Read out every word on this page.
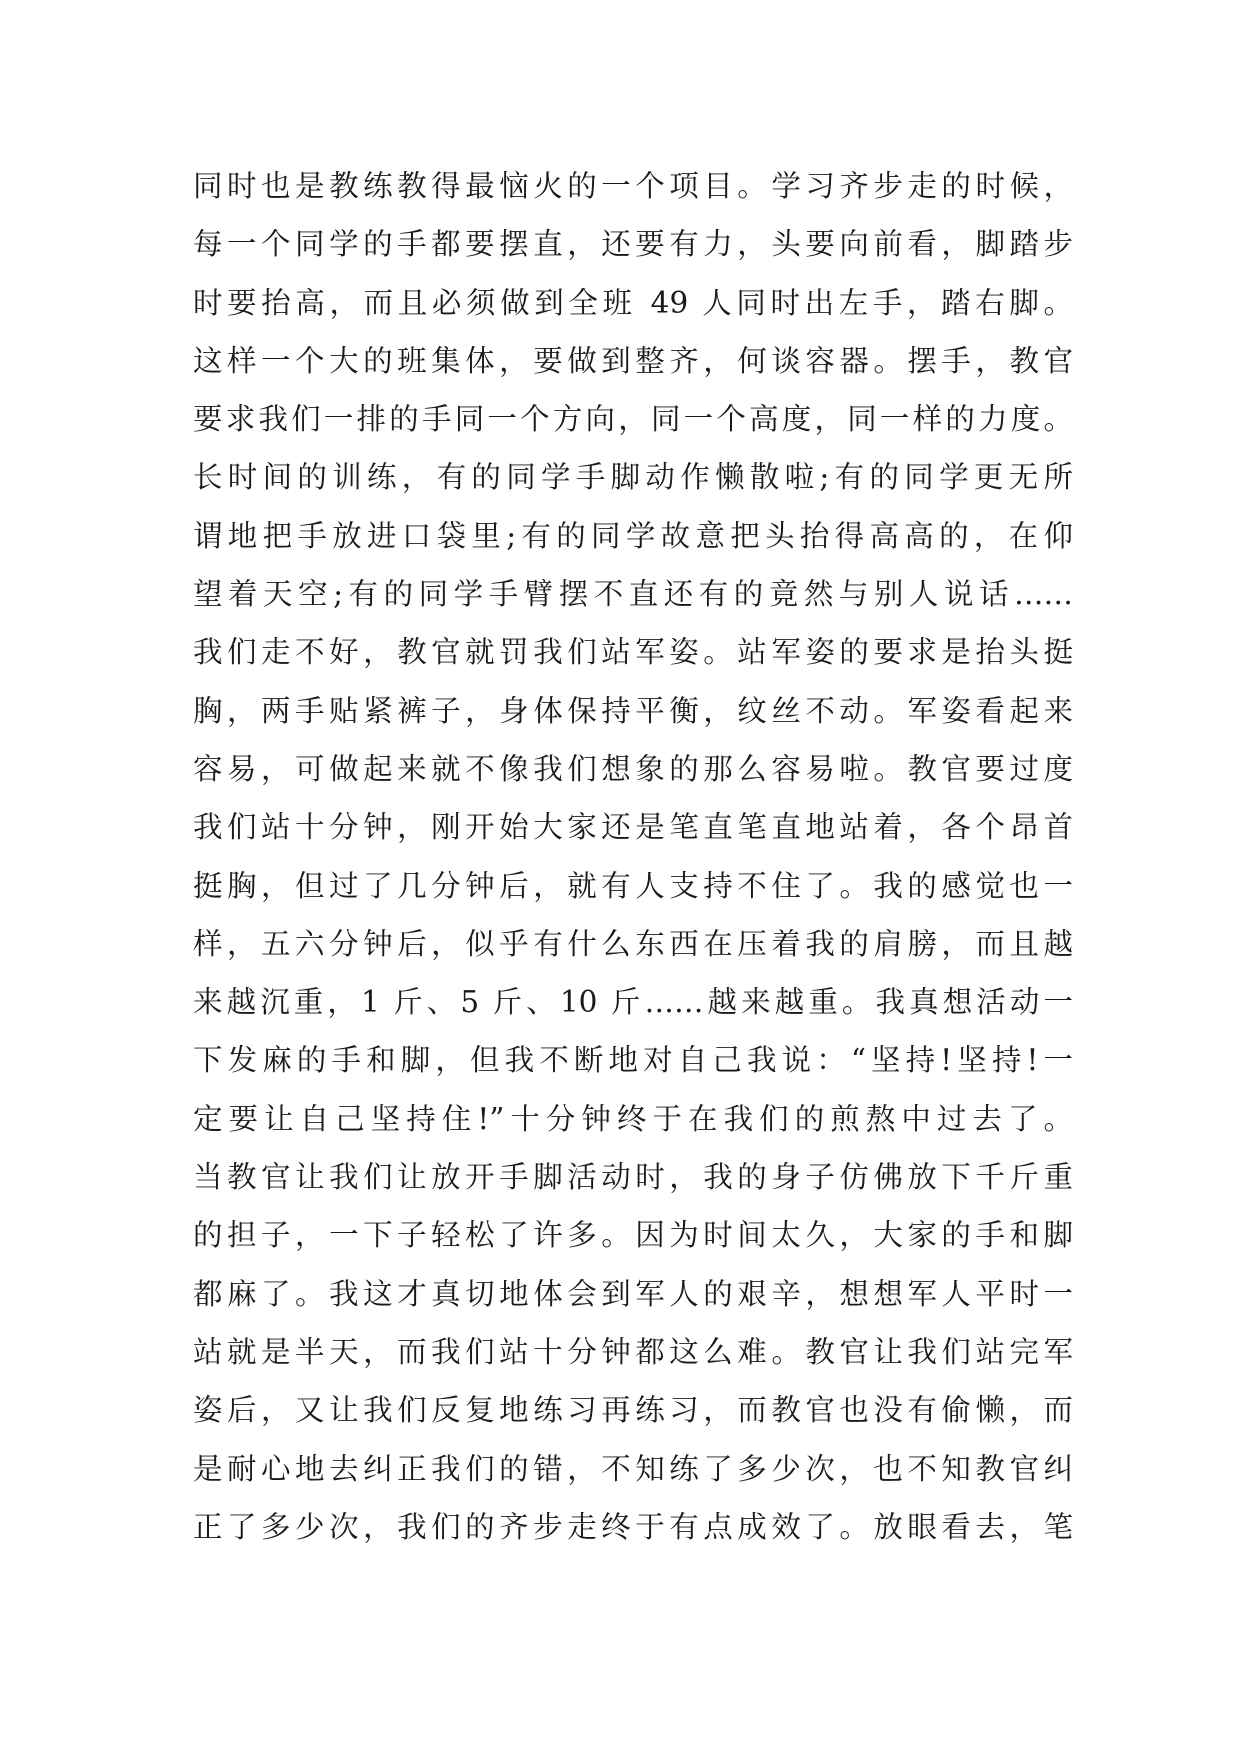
同时也是教练教得最恼火的一个项目。学习齐步走的时候，
每一个同学的手都要摆直，还要有力，头要向前看，脚踏步
时要抬高，而且必须做到全班 49 人同时出左手，踏右脚。
这样一个大的班集体，要做到整齐，何谈容器。摆手，教官
要求我们一排的手同一个方向，同一个高度，同一样的力度。
长时间的训练，有的同学手脚动作懒散啦;有的同学更无所
谓地把手放进口袋里;有的同学故意把头抬得高高的，在仰
望着天空;有的同学手臂摆不直还有的竟然与别人说话……
我们走不好，教官就罚我们站军姿。站军姿的要求是抬头挺
胸，两手贴紧裤子，身体保持平衡，纹丝不动。军姿看起来
容易，可做起来就不像我们想象的那么容易啦。教官要过度
我们站十分钟，刚开始大家还是笔直笔直地站着，各个昂首
挺胸，但过了几分钟后，就有人支持不住了。我的感觉也一
样，五六分钟后，似乎有什么东西在压着我的肩膀，而且越
来越沉重，1 斤、5 斤、10 斤……越来越重。我真想活动一
下发麻的手和脚，但我不断地对自己我说：“坚持!坚持!一
定要让自己坚持住!”十分钟终于在我们的煎熬中过去了。
当教官让我们让放开手脚活动时，我的身子仿佛放下千斤重
的担子，一下子轻松了许多。因为时间太久，大家的手和脚
都麻了。我这才真切地体会到军人的艰辛，想想军人平时一
站就是半天，而我们站十分钟都这么难。教官让我们站完军
姿后，又让我们反复地练习再练习，而教官也没有偷懒，而
是耐心地去纠正我们的错，不知练了多少次，也不知教官纠
正了多少次，我们的齐步走终于有点成效了。放眼看去，笔
